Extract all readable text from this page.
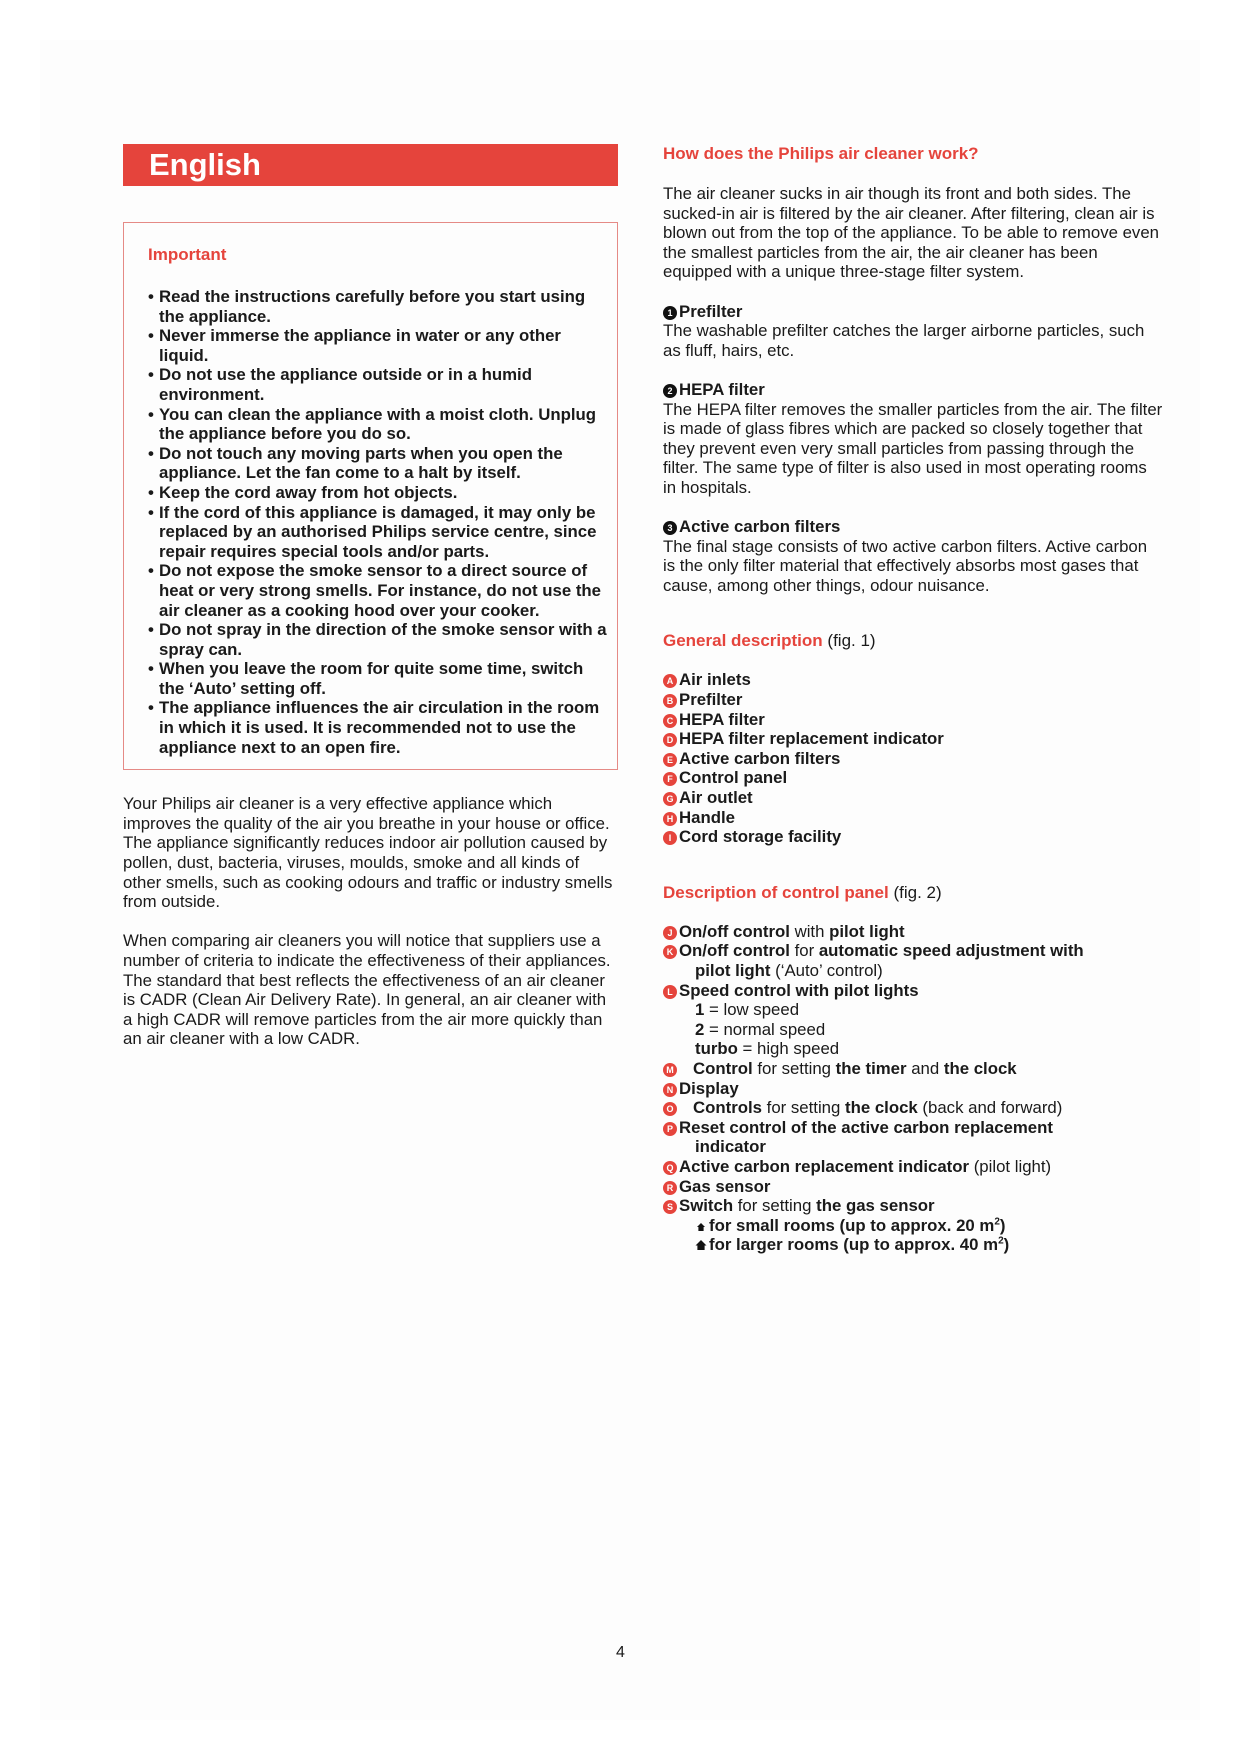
English
Important
• Read the instructions carefully before you start using the appliance.
• Never immerse the appliance in water or any other liquid.
• Do not use the appliance outside or in a humid environment.
• You can clean the appliance with a moist cloth. Unplug the appliance before you do so.
• Do not touch any moving parts when you open the appliance. Let the fan come to a halt by itself.
• Keep the cord away from hot objects.
• If the cord of this appliance is damaged, it may only be replaced by an authorised Philips service centre, since repair requires special tools and/or parts.
• Do not expose the smoke sensor to a direct source of heat or very strong smells. For instance, do not use the air cleaner as a cooking hood over your cooker.
• Do not spray in the direction of the smoke sensor with a spray can.
• When you leave the room for quite some time, switch the ‘Auto’ setting off.
• The appliance influences the air circulation in the room in which it is used. It is recommended not to use the appliance next to an open fire.

Your Philips air cleaner is a very effective appliance which improves the quality of the air you breathe in your house or office. The appliance significantly reduces indoor air pollution caused by pollen, dust, bacteria, viruses, moulds, smoke and all kinds of other smells, such as cooking odours and traffic or industry smells from outside.

When comparing air cleaners you will notice that suppliers use a number of criteria to indicate the effectiveness of their appliances. The standard that best reflects the effectiveness of an air cleaner is CADR (Clean Air Delivery Rate). In general, an air cleaner with a high CADR will remove particles from the air more quickly than an air cleaner with a low CADR.

How does the Philips air cleaner work?

The air cleaner sucks in air though its front and both sides. The sucked-in air is filtered by the air cleaner. After filtering, clean air is blown out from the top of the appliance. To be able to remove even the smallest particles from the air, the air cleaner has been equipped with a unique three-stage filter system.

1 Prefilter

The washable prefilter catches the larger airborne particles, such as fluff, hairs, etc.

2 HEPA filter

The HEPA filter removes the smaller particles from the air. The filter is made of glass fibres which are packed so closely together that they prevent even very small particles from passing through the filter. The same type of filter is also used in most operating rooms in hospitals.

3 Active carbon filters

The final stage consists of two active carbon filters. Active carbon is the only filter material that effectively absorbs most gases that cause, among other things, odour nuisance.

General description (fig. 1)
A Air inlets
B Prefilter
C HEPA filter
D HEPA filter replacement indicator
E Active carbon filters
F Control panel
G Air outlet
H Handle
I Cord storage facility
Description of control panel (fig. 2)
J On/off control with pilot light
K On/off control for automatic speed adjustment with
pilot light (‘Auto’ control)
L Speed control with pilot lights
1 = low speed
2 = normal speed
turbo = high speed
M Control for setting the timer and the clock
N Display
O Controls for setting the clock (back and forward)
P Reset control of the active carbon replacement
indicator
Q Active carbon replacement indicator (pilot light)
R Gas sensor
S Switch for setting the gas sensor
for small rooms (up to approx. 20 $m^2$)
for larger rooms (up to approx. 40 $m^2$)
4
